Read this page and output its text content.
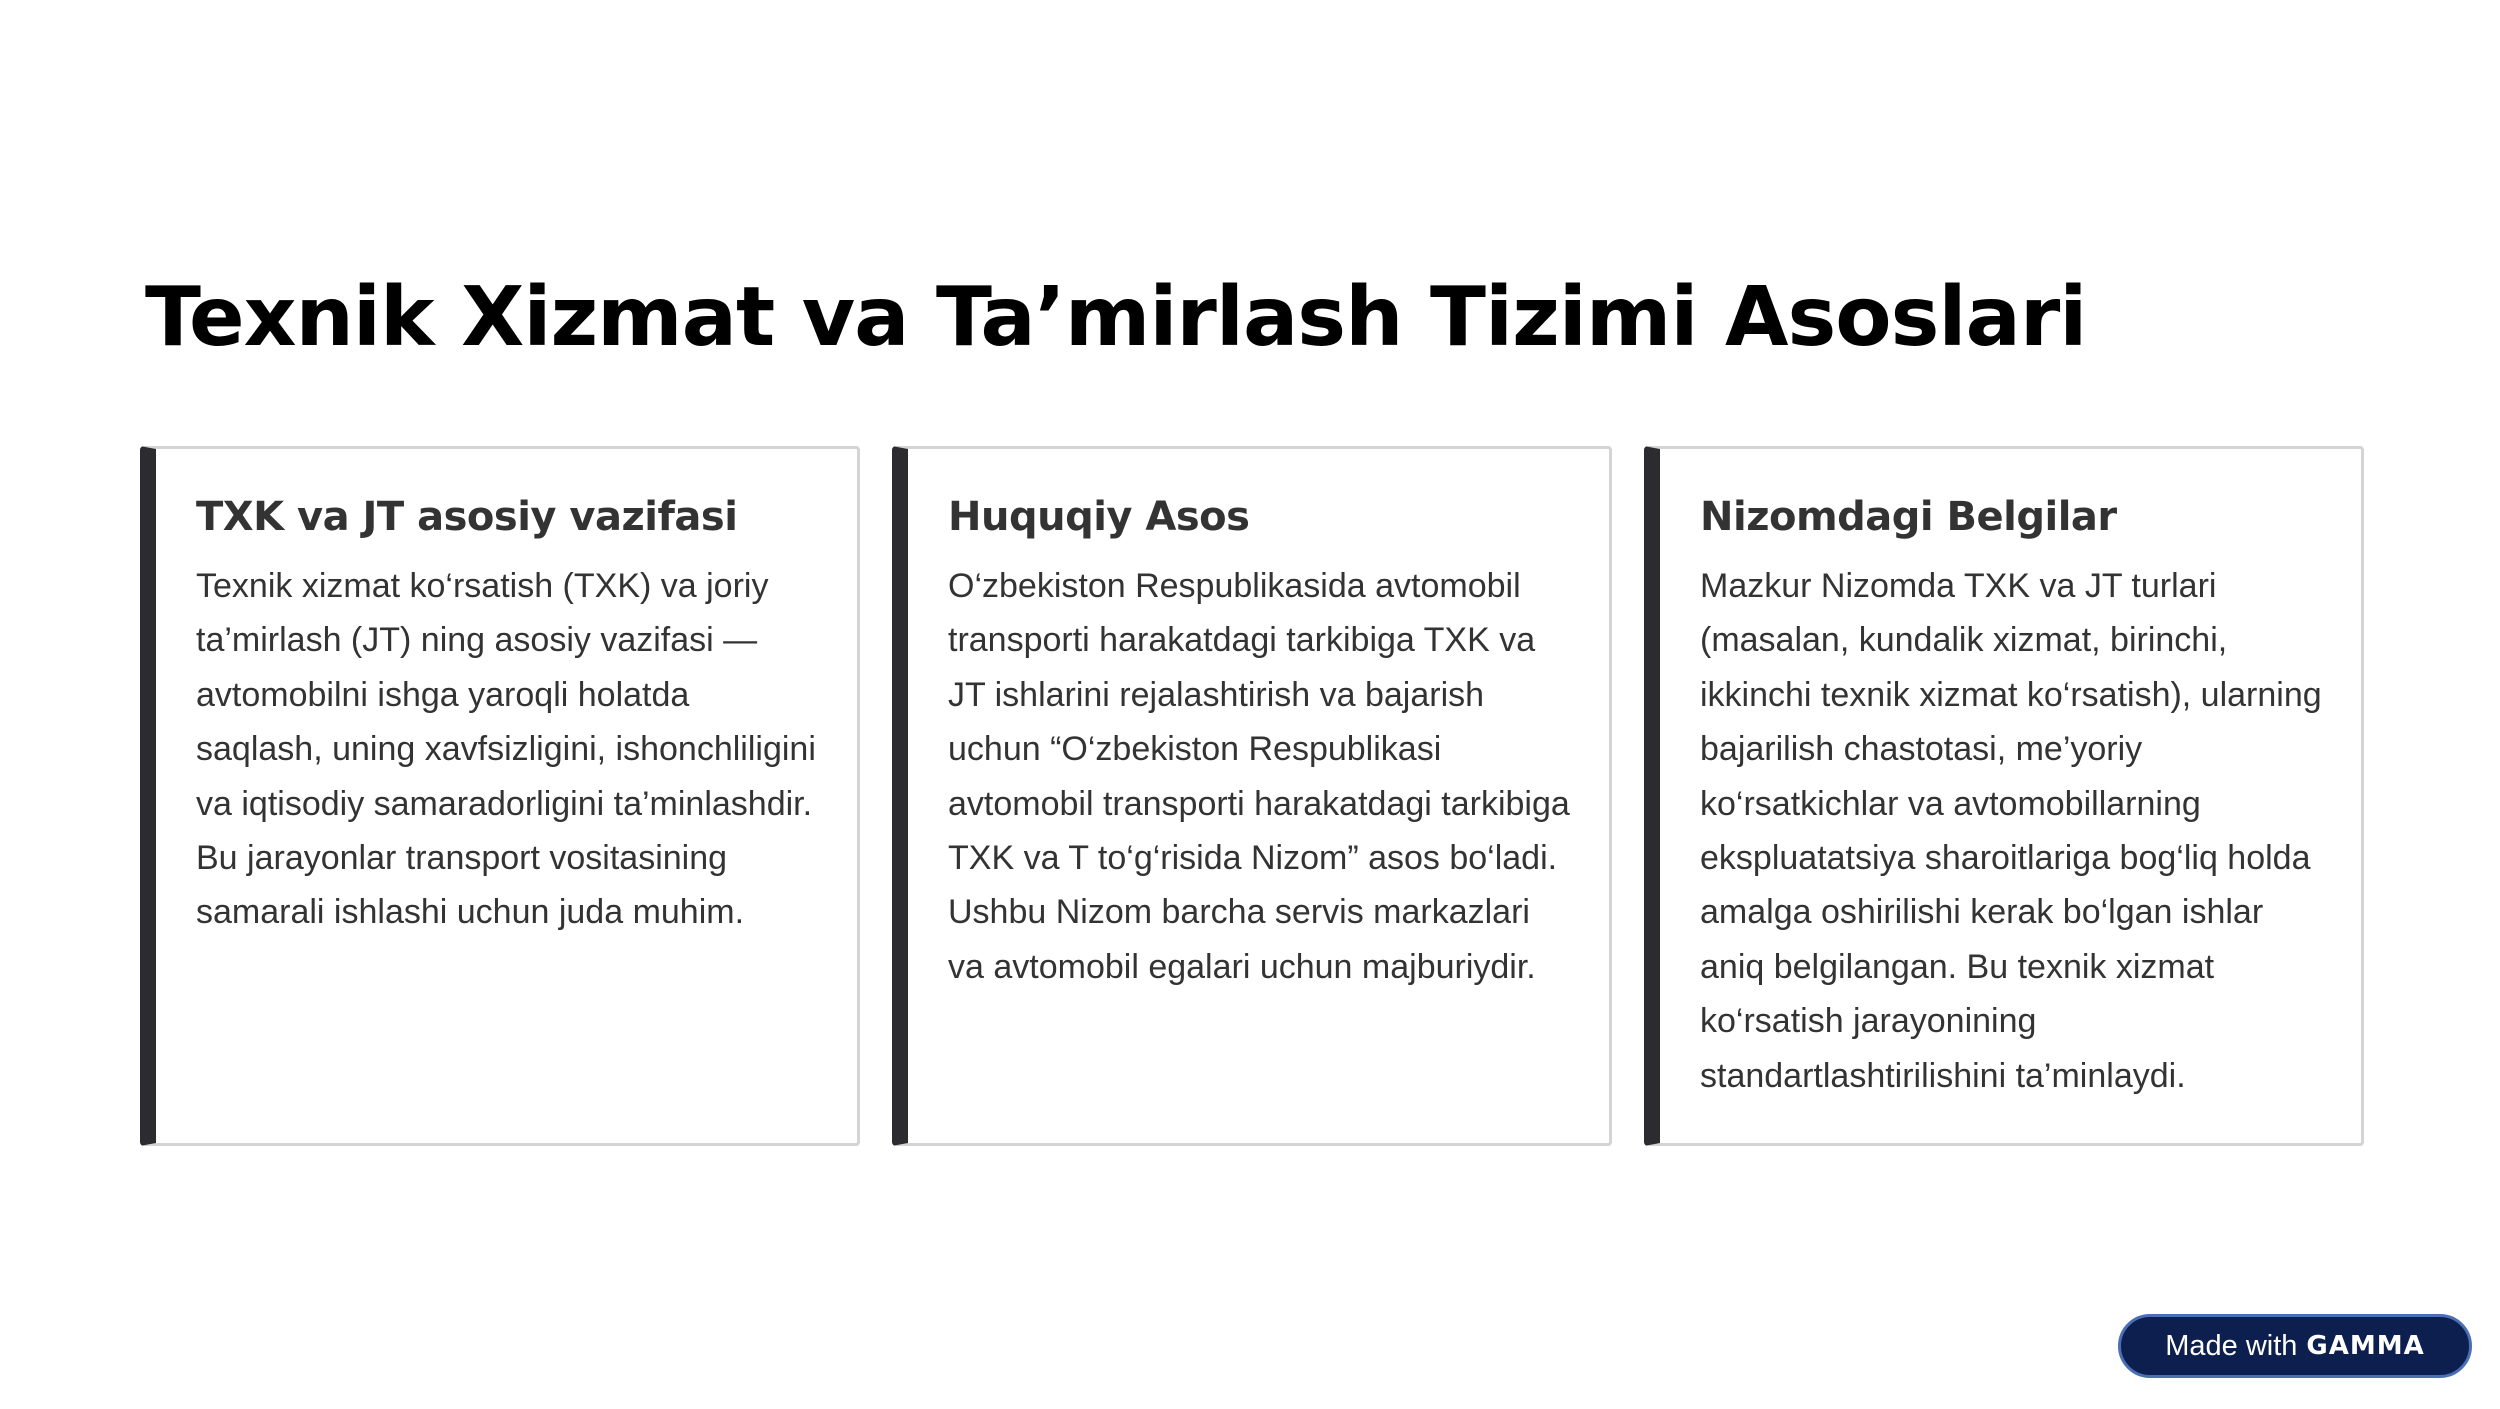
Texnik Xizmat va Ta’mirlash Tizimi Asoslari
TXK va JT asosiy vazifasi

Texnik xizmat ko‘rsatish (TXK) va joriy ta’mirlash (JT) ning asosiy vazifasi — avtomobilni ishga yaroqli holatda saqlash, uning xavfsizligini, ishonchliligini va iqtisodiy samaradorligini ta’minlashdir. Bu jarayonlar transport vositasining samarali ishlashi uchun juda muhim.

Huquqiy Asos

O‘zbekiston Respublikasida avtomobil transporti harakatdagi tarkibiga TXK va JT ishlarini rejalashtirish va bajarish uchun “O‘zbekiston Respublikasi avtomobil transporti harakatdagi tarkibiga TXK va T to‘g‘risida Nizom” asos bo‘ladi. Ushbu Nizom barcha servis markazlari va avtomobil egalari uchun majburiydir.

Nizomdagi Belgilar

Mazkur Nizomda TXK va JT turlari (masalan, kundalik xizmat, birinchi, ikkinchi texnik xizmat ko‘rsatish), ularning bajarilish chastotasi, me’yoriy ko‘rsatkichlar va avtomobillarning ekspluatatsiya sharoitlariga bog‘liq holda amalga oshirilishi kerak bo‘lgan ishlar aniq belgilangan. Bu texnik xizmat ko‘rsatish jarayonining standartlashtirilishini ta’minlaydi.

Made with GAMMA
